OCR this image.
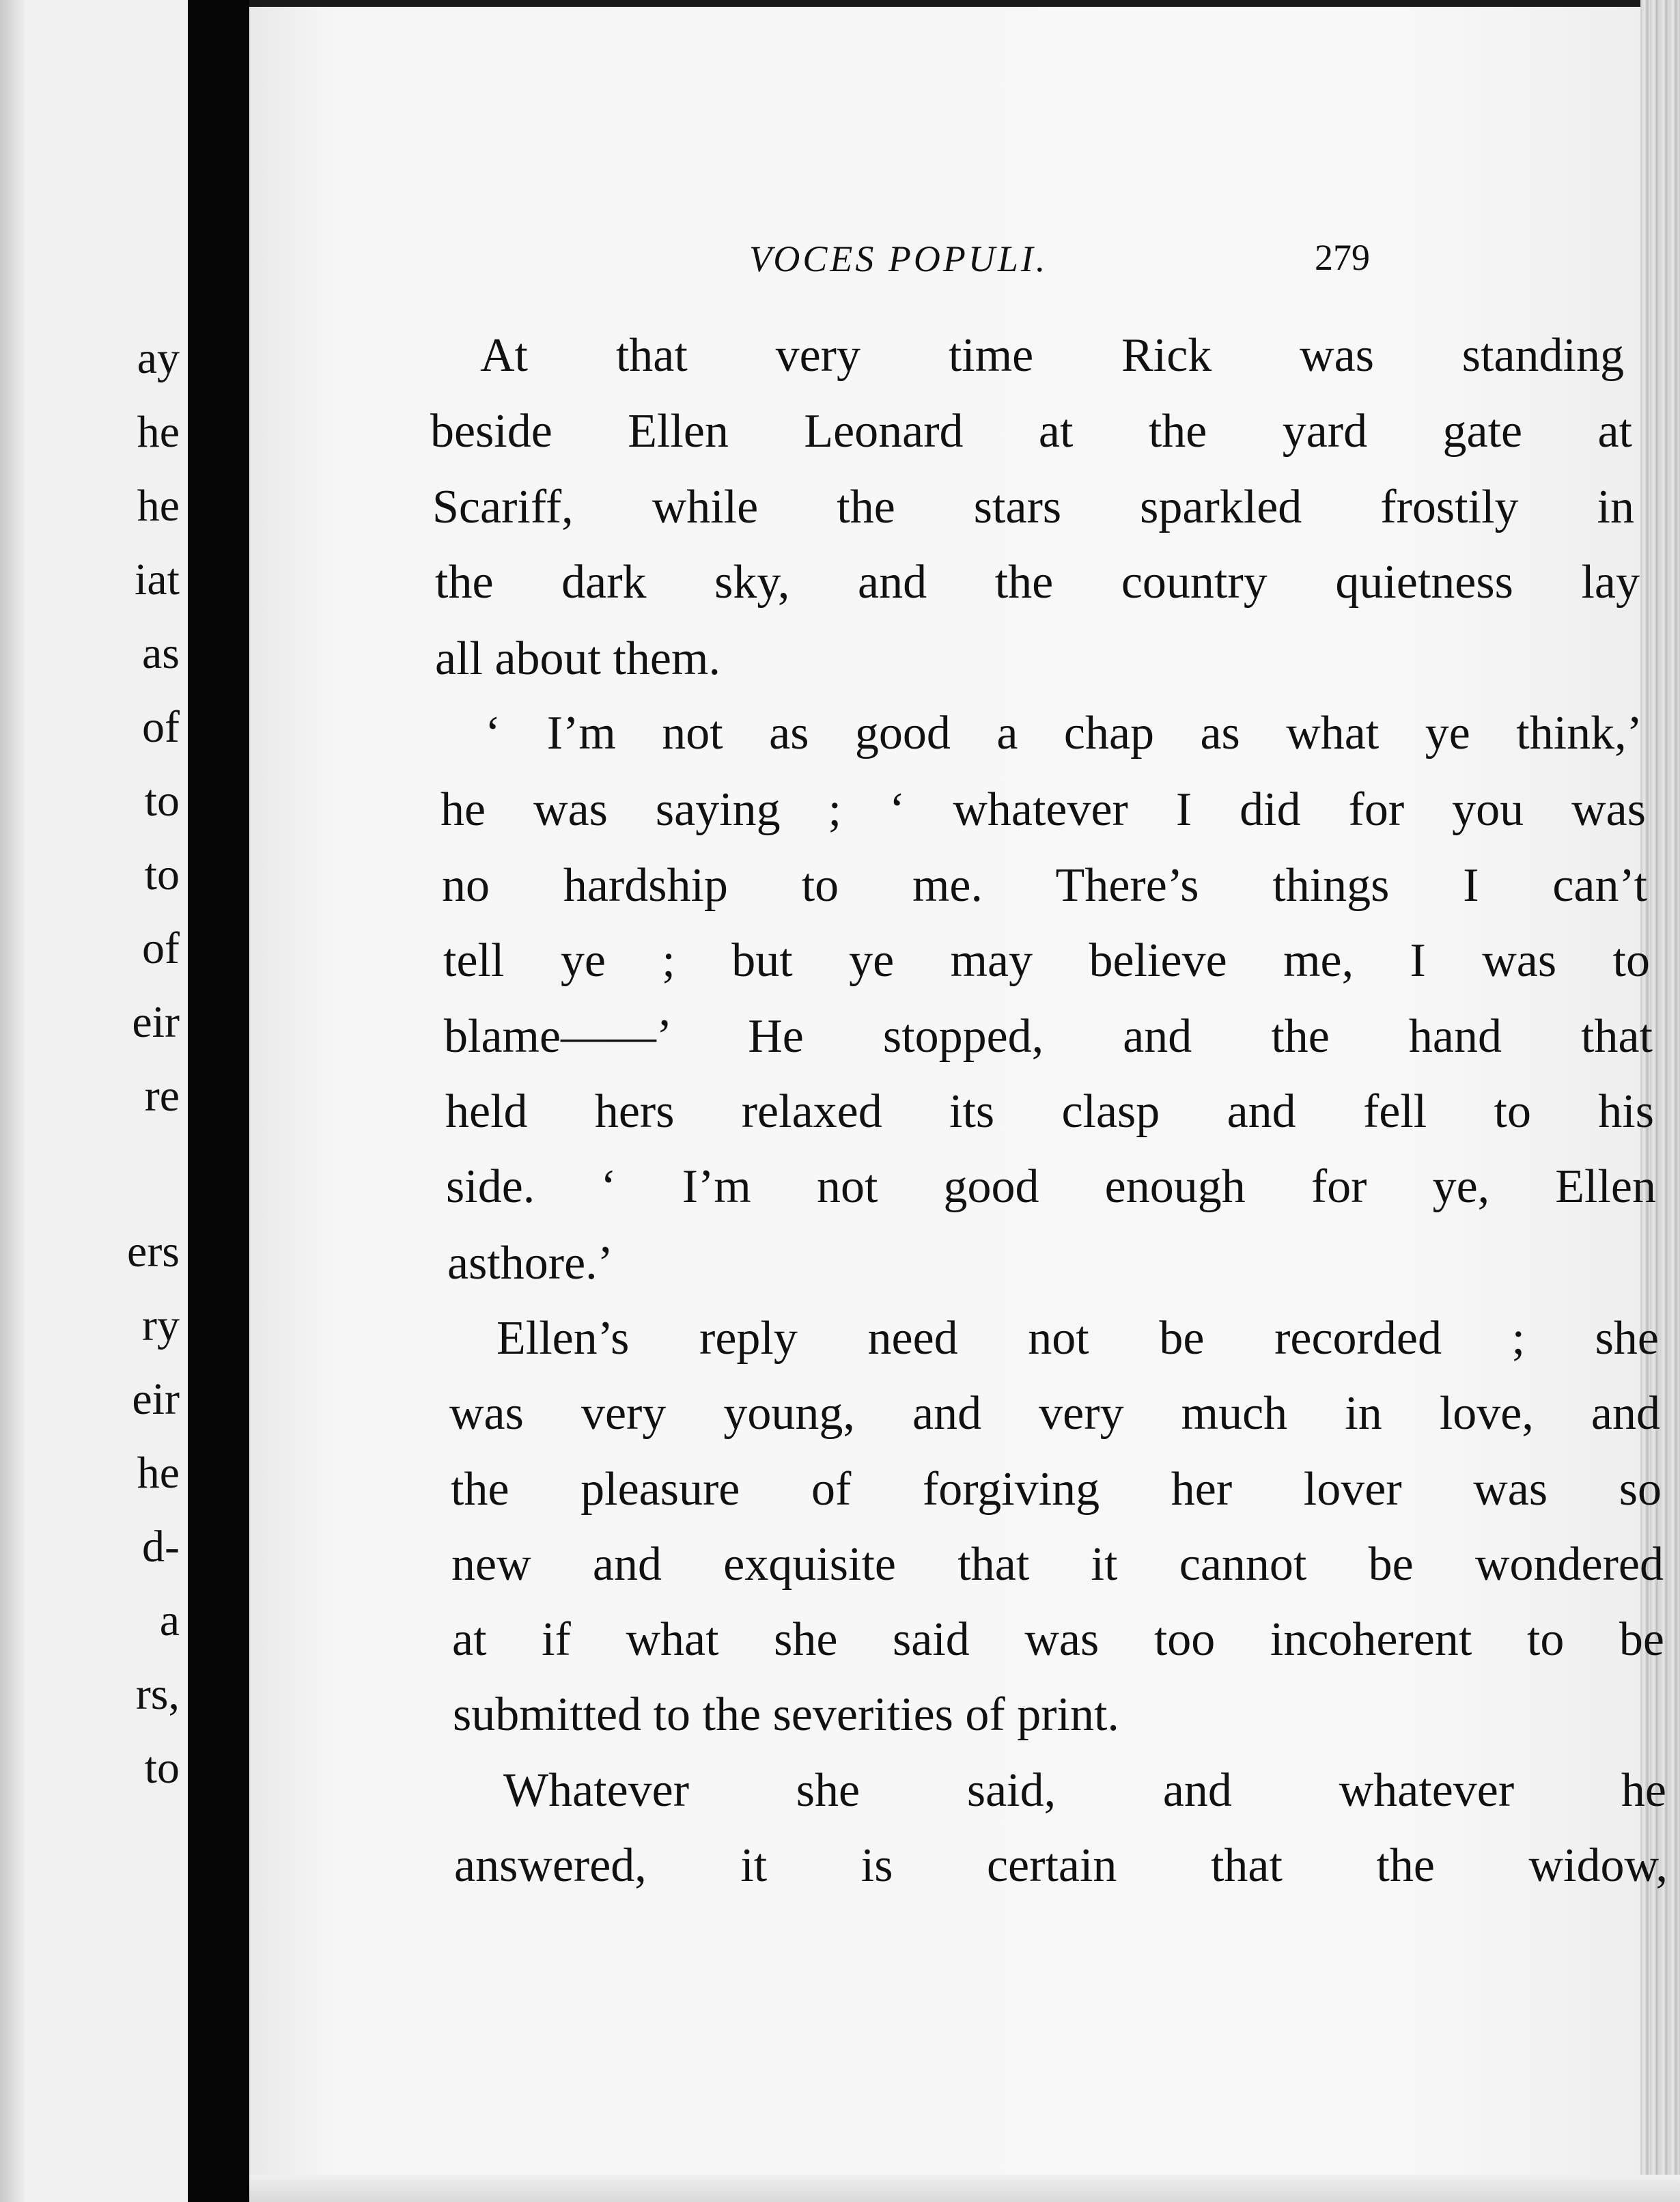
ay
he
he
iat
as
of
to
to
of
eir
re
ers
ry
eir
he
d-
a
rs,
to
VOCES POPULI.	279
At that very time Rick was standing
beside Ellen Leonard at the yard gate at
Scariff, while the stars sparkled frostily in
the dark sky, and the country quietness lay
all about them.
‘ I’m not as good a chap as what ye think,’
he was saying ; ‘ whatever I did for you was
no hardship to me. There’s things I can’t
tell ye ; but ye may believe me, I was to
blame——’ He stopped, and the hand that
held hers relaxed its clasp and fell to his
side. ‘ I’m not good enough for ye, Ellen
asthore.’
Ellen’s reply need not be recorded ; she
was very young, and very much in love, and
the pleasure of forgiving her lover was so
new and exquisite that it cannot be wondered
at if what she said was too incoherent to be
submitted to the severities of print.
Whatever she said, and whatever he
answered, it is certain that the widow,
